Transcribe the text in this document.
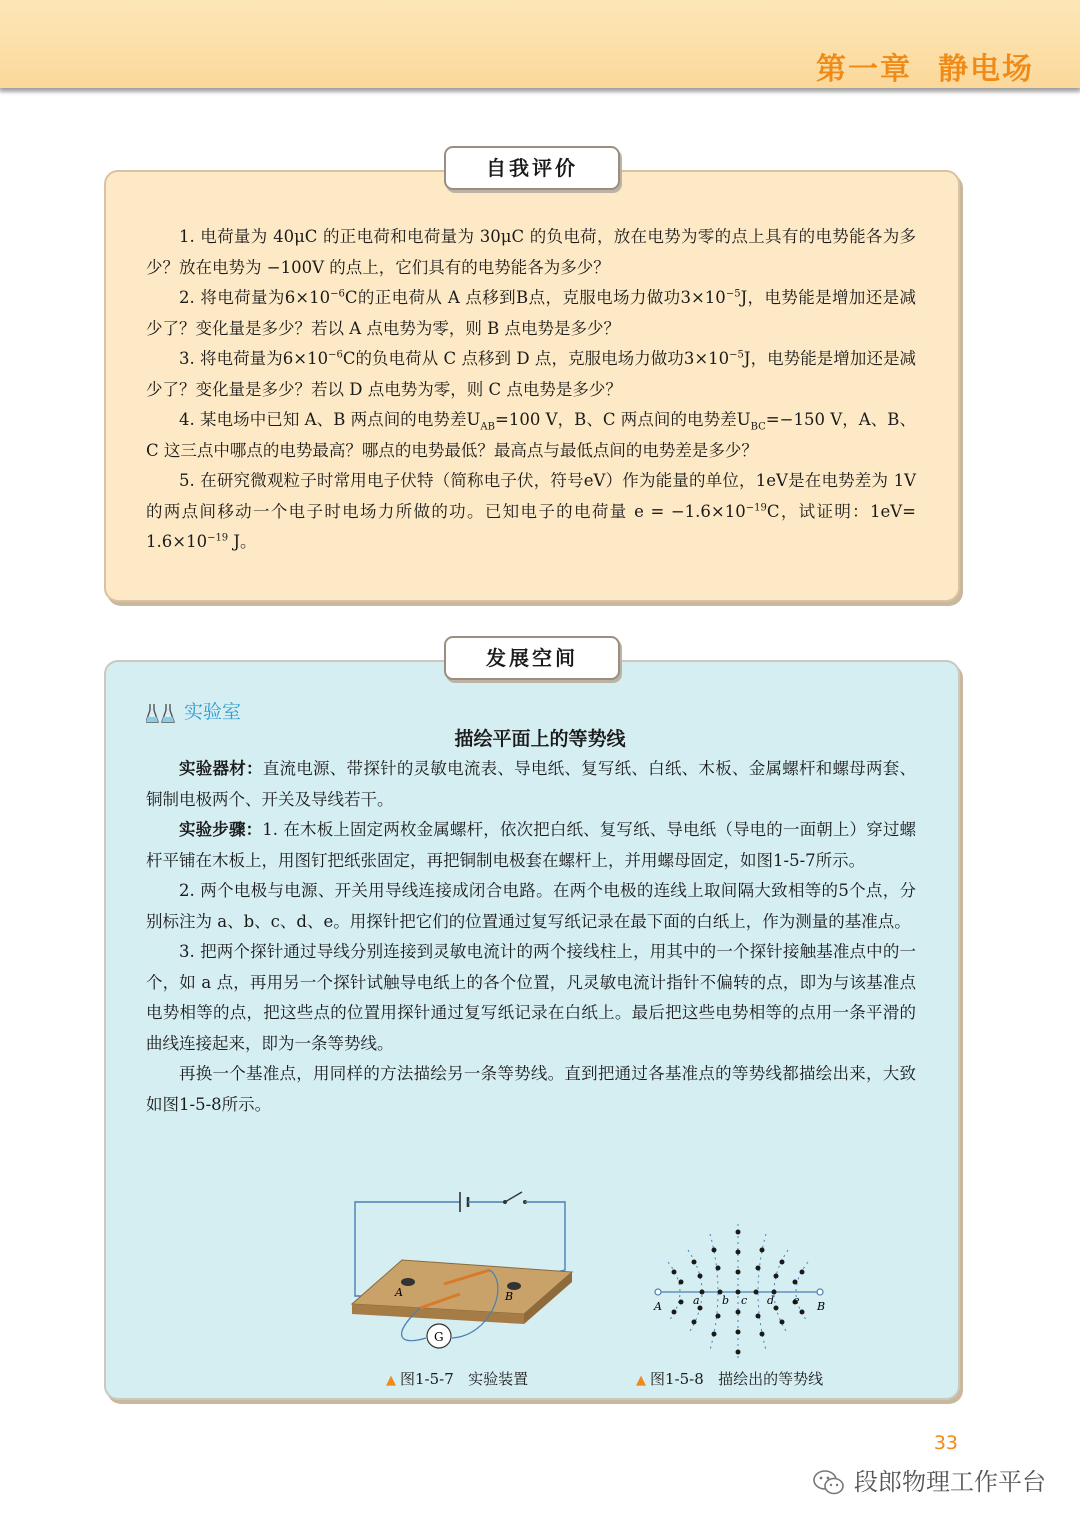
第一章 静电场
自我评价

1. 电荷量为 40μC 的正电荷和电荷量为 30μC 的负电荷，放在电势为零的点上具有的电势能各为多少？放在电势为 −100V 的点上，它们具有的电势能各为多少？

2. 将电荷量为$6\times 10^{-6}C$的正电荷从 A 点移到B点，克服电场力做功$3\times 10^{-5}J$，电势能是增加还是减少了？变化量是多少？若以 A 点电势为零，则 B 点电势是多少？

3. 将电荷量为$6\times 10^{-6}C$的负电荷从 C 点移到 D 点，克服电场力做功$3\times 10^{-5}J$，电势能是增加还是减少了？变化量是多少？若以 D 点电势为零，则 C 点电势是多少？

4. 某电场中已知 A、B 两点间的电势差$U_{AB}=100$ V，B、C 两点间的电势差$U_{BC}=-150$ V，A、B、C 这三点中哪点的电势最高？哪点的电势最低？最高点与最低点间的电势差是多少？

5. 在研究微观粒子时常用电子伏特（简称电子伏，符号eV）作为能量的单位，1eV是在电势差为 1V 的两点间移动一个电子时电场力所做的功。已知电子的电荷量 $e = -1.6\times 10^{-19}C$，试证明：$1eV= 1.6\times 10^{-19}$ J。

发展空间
实验室
描绘平面上的等势线

实验器材：直流电源、带探针的灵敏电流表、导电纸、复写纸、白纸、木板、金属螺杆和螺母两套、铜制电极两个、开关及导线若干。

实验步骤：1. 在木板上固定两枚金属螺杆，依次把白纸、复写纸、导电纸（导电的一面朝上）穿过螺杆平铺在木板上，用图钉把纸张固定，再把铜制电极套在螺杆上，并用螺母固定，如图1-5-7所示。

2. 两个电极与电源、开关用导线连接成闭合电路。在两个电极的连线上取间隔大致相等的5个点，分别标注为 a、b、c、d、e。用探针把它们的位置通过复写纸记录在最下面的白纸上，作为测量的基准点。

3. 把两个探针通过导线分别连接到灵敏电流计的两个接线柱上，用其中的一个探针接触基准点中的一个，如 a 点，再用另一个探针试触导电纸上的各个位置，凡灵敏电流计指针不偏转的点，即为与该基准点电势相等的点，把这些点的位置用探针通过复写纸记录在白纸上。最后把这些电势相等的点用一条平滑的曲线连接起来，即为一条等势线。

再换一个基准点，用同样的方法描绘另一条等势线。直到把通过各基准点的等势线都描绘出来，大致如图1-5-8所示。

A	B
G
A	B
a b c d e
▲ 图1-5-7 实验装置	▲ 图1-5-8 描绘出的等势线
33
段郎物理工作平台
